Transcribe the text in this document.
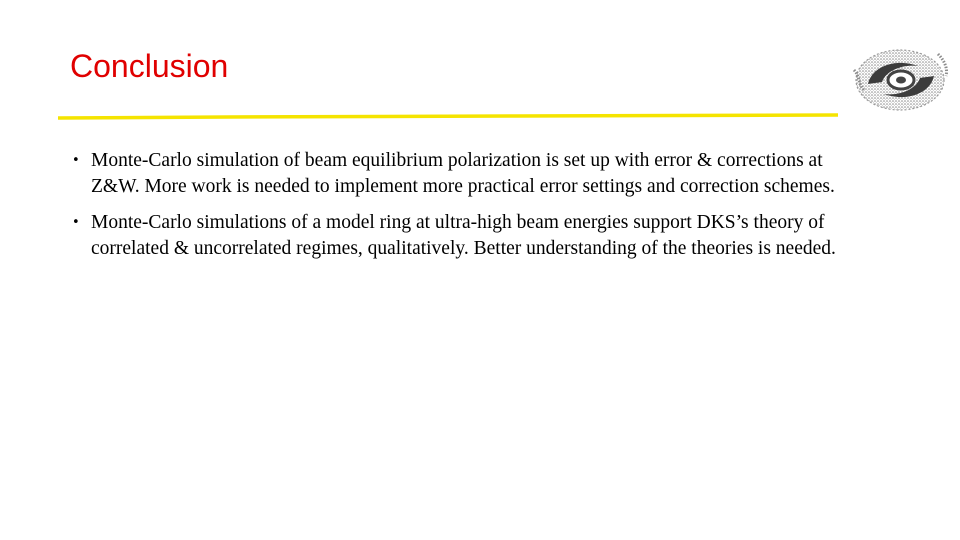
Conclusion
• Monte-Carlo simulation of beam equilibrium polarization is set up with error & corrections at Z&W. More work is needed to implement more practical error settings and correction schemes.
• Monte-Carlo simulations of a model ring at ultra-high beam energies support DKS’s theory of correlated & uncorrelated regimes, qualitatively. Better understanding of the theories is needed.
